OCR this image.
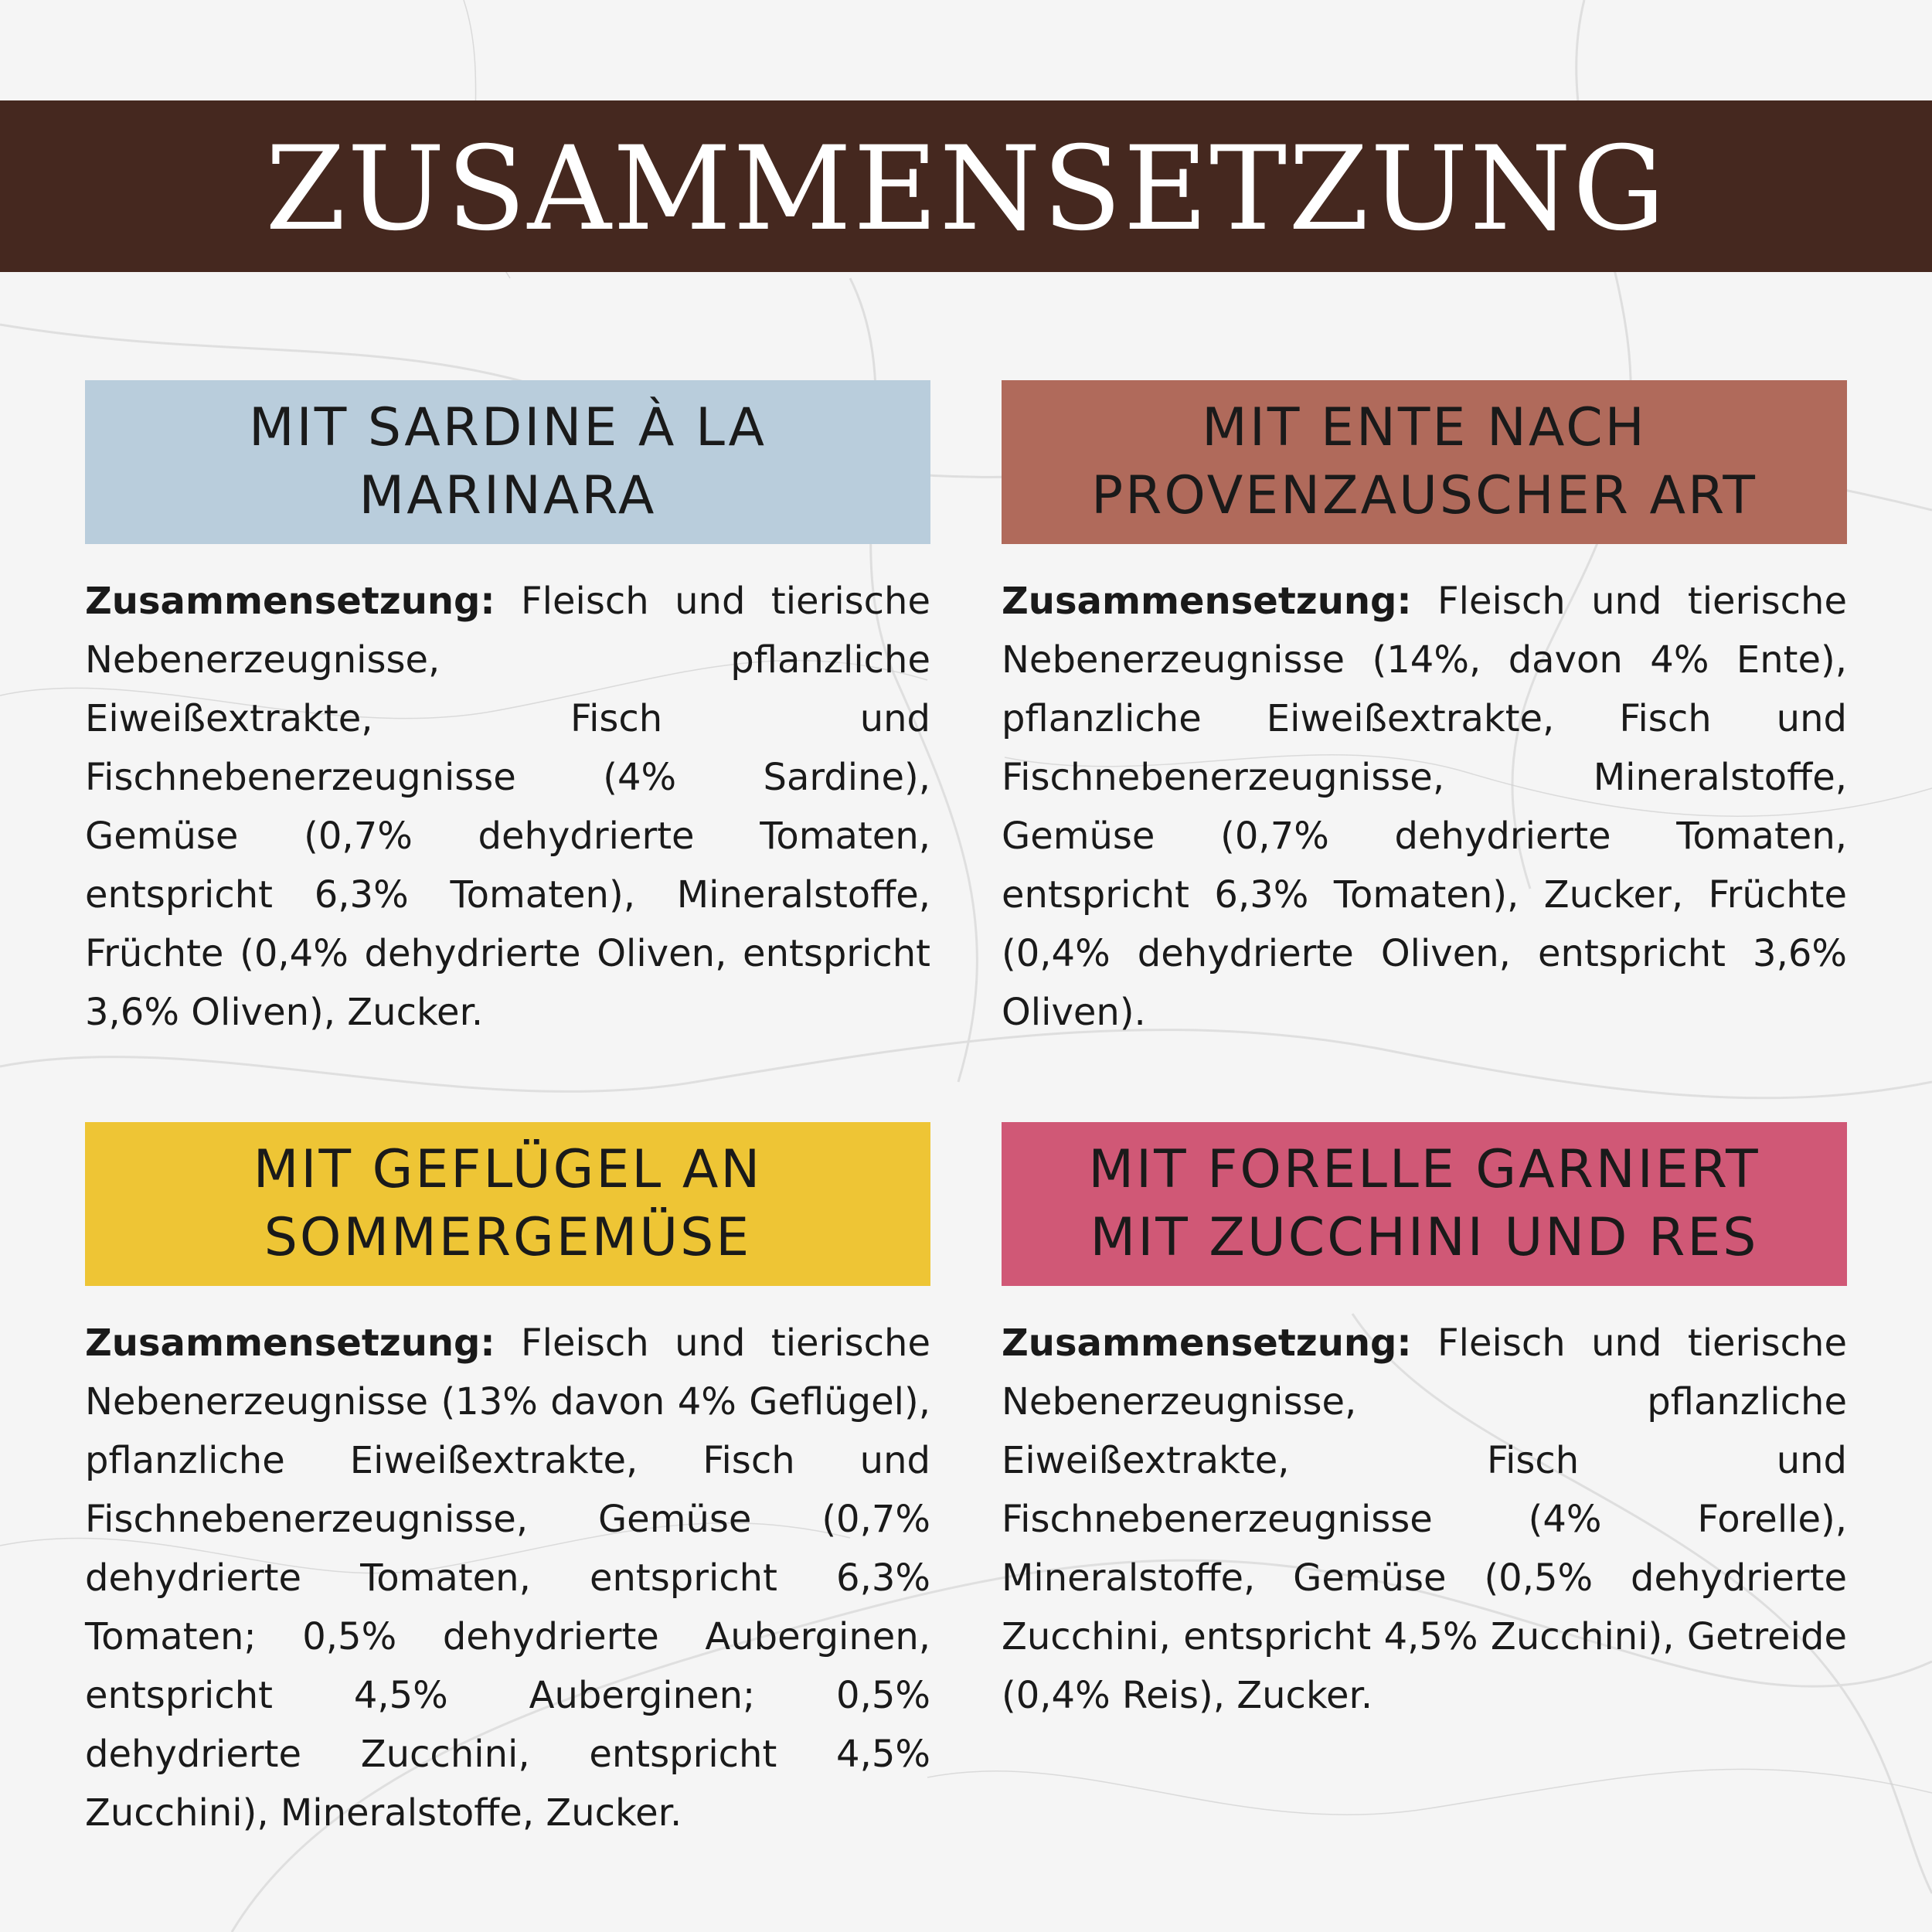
ZUSAMMENSETZUNG
MIT SARDINE À LA
MARINARA
Zusammensetzung: Fleisch und tierische Nebenerzeugnisse, pflanzliche Eiweißextrakte, Fisch und Fischnebenerzeugnisse (4% Sardine), Gemüse (0,7% dehydrierte Tomaten, entspricht 6,3% Tomaten), Mineralstoffe, Früchte (0,4% dehydrierte Oliven, entspricht 3,6% Oliven), Zucker.
MIT ENTE NACH
PROVENZAUSCHER ART
Zusammensetzung: Fleisch und tierische Nebenerzeugnisse (14%, davon 4% Ente), pflanzliche Eiweißextrakte, Fisch und Fischnebenerzeugnisse, Mineralstoffe, Gemüse (0,7% dehydrierte Tomaten, entspricht 6,3% Tomaten), Zucker, Früchte (0,4% dehydrierte Oliven, entspricht 3,6% Oliven).
MIT GEFLÜGEL AN
SOMMERGEMÜSE
Zusammensetzung: Fleisch und tierische Nebenerzeugnisse (13% davon 4% Geflügel), pflanzliche Eiweißextrakte, Fisch und Fischnebenerzeugnisse, Gemüse (0,7% dehydrierte Tomaten, entspricht 6,3% Tomaten; 0,5% dehydrierte Auberginen, entspricht 4,5% Auberginen; 0,5% dehydrierte Zucchini, entspricht 4,5% Zucchini), Mineralstoffe, Zucker.
MIT FORELLE GARNIERT
MIT ZUCCHINI UND RES
Zusammensetzung: Fleisch und tierische Nebenerzeugnisse, pflanzliche Eiweißextrakte, Fisch und Fischnebenerzeugnisse (4% Forelle), Mineralstoffe, Gemüse (0,5% dehydrierte Zucchini, entspricht 4,5% Zucchini), Getreide (0,4% Reis), Zucker.
